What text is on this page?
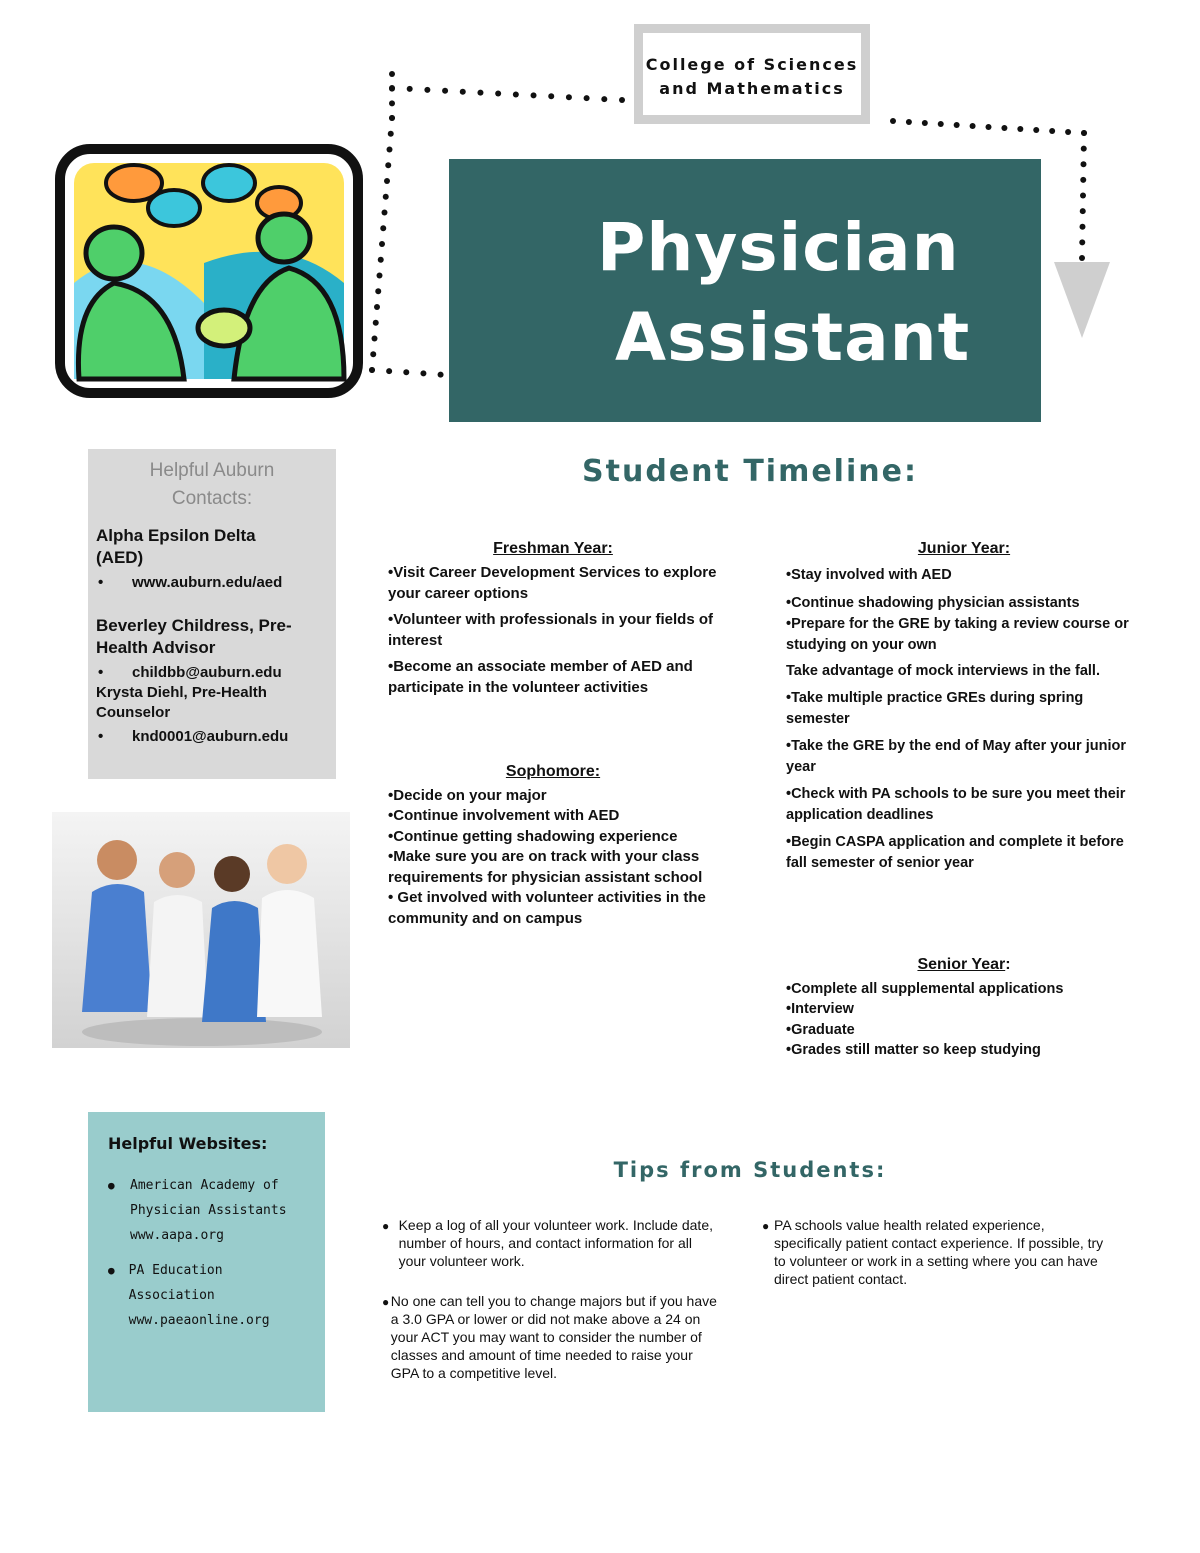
College of Sciences
and Mathematics
Physician
Assistant
Helpful Auburn
Contacts:
Alpha Epsilon Delta
(AED)
•	www.auburn.edu/aed
Beverley Childress, Pre-
Health Advisor
•	childbb@auburn.edu
Krysta Diehl, Pre-Health
Counselor
•	knd0001@auburn.edu
Helpful Websites:
●	American Academy of
Physician Assistants
www.aapa.org
●	PA Education Association
www.paeaonline.org
Student Timeline:
Freshman Year:

•Visit Career Development Services to explore your career options

•Volunteer with professionals in your fields of interest

•Become an associate member of AED and participate in the volunteer activities

Sophomore:

•Decide on your major

•Continue involvement with AED

•Continue getting shadowing experience

•Make sure you are on track with your class requirements for physician assistant school

• Get involved with volunteer activities in the community and on campus

Junior Year:

•Stay involved with AED

•Continue shadowing physician assistants

•Prepare for the GRE by taking a review course or studying on your own

Take advantage of mock interviews in the fall.

•Take multiple practice GREs during spring semester

•Take the GRE by the end of May after your junior year

•Check with PA schools to be sure you meet their application deadlines

•Begin CASPA application and complete it before fall semester of senior year

Senior Year:

•Complete all supplemental applications

•Interview

•Graduate

•Grades still matter so keep studying

Tips from Students:
● Keep a log of all your volunteer work. Include date, number of hours, and contact information for all your volunteer work.
● No one can tell you to change majors but if you have a 3.0 GPA or lower or did not make above a 24 on your ACT you may want to consider the number of classes and amount of time needed to raise your GPA to a competitive level.
● PA schools value health related experience, specifically patient contact experience. If possible, try to volunteer or work in a setting where you can have direct patient contact.
